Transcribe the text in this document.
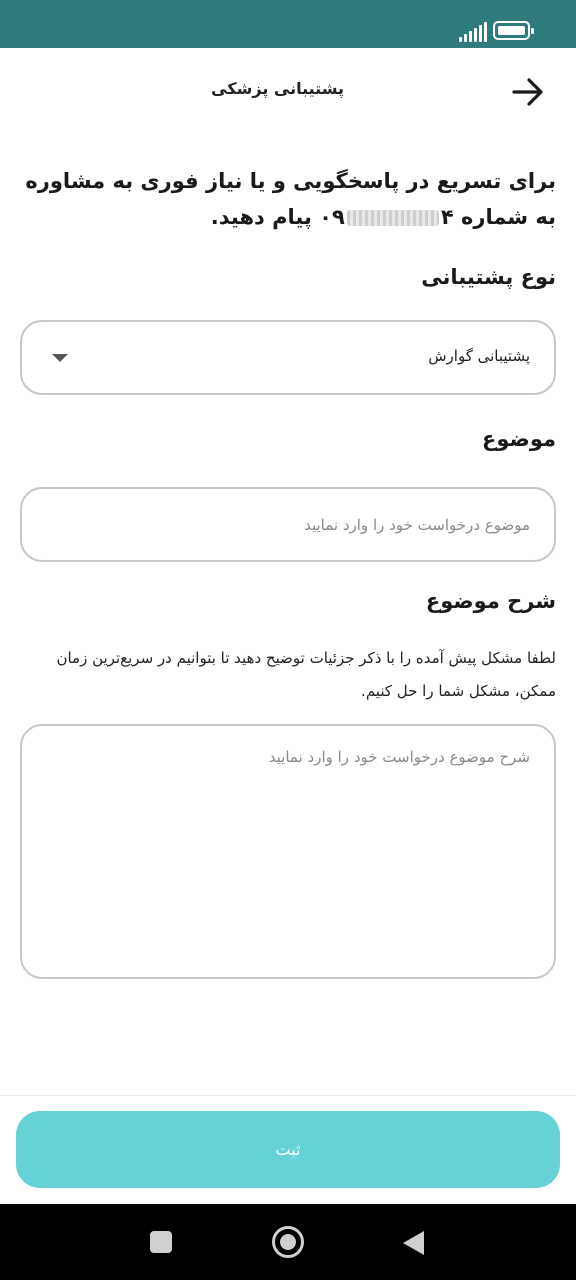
پشتیبانی پزشکی
برای تسریع در پاسخگویی و یا نیاز فوری به مشاوره به شماره ۰۹	۴ پیام دهید.
نوع پشتیبانی
پشتیبانی گوارش
موضوع
موضوع درخواست خود را وارد نمایید
شرح موضوع
لطفا مشکل پیش آمده را با ذکر جزئیات توضیح دهید تا بتوانیم در سریع‌ترین زمان ممکن، مشکل شما را حل کنیم.
شرح موضوع درخواست خود را وارد نمایید
ثبت
